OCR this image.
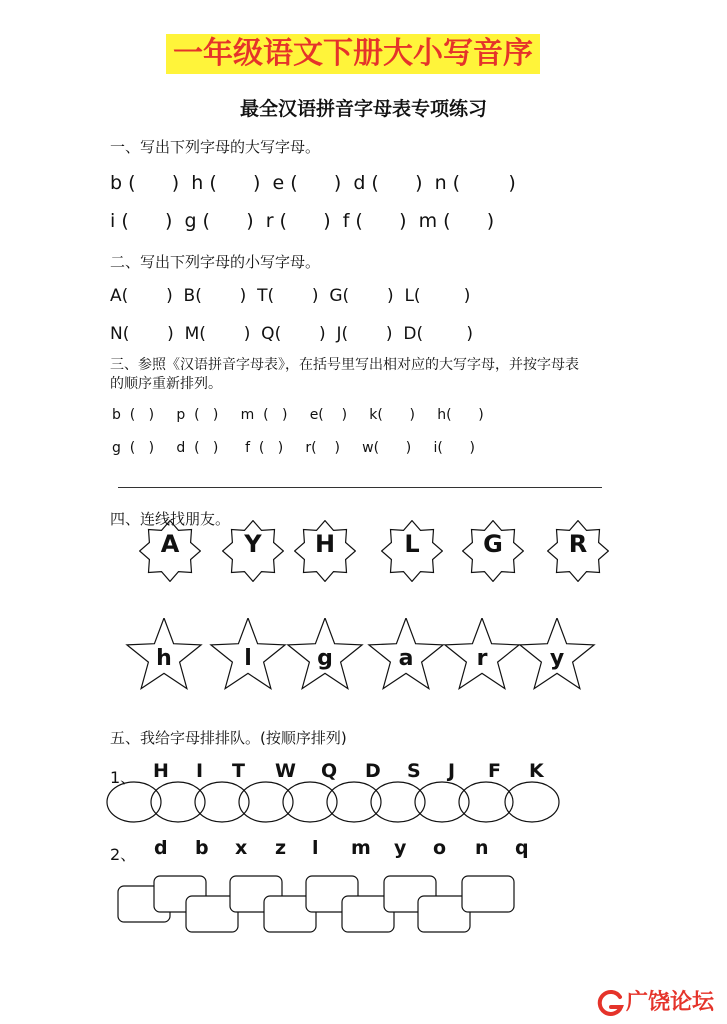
一年级语文下册大小写音序
最全汉语拼音字母表专项练习
一、写出下列字母的大写字母。
b (      )  h (      )  e (      )  d (      )  n (        )
i (      )  g (      )  r (      )  f (      )  m (      )
二、写出下列字母的小写字母。
A(       )  B(       )  T(       )  G(       )  L(        )
N(       )  M(       )  Q(       )  J(       )  D(        )
三、参照《汉语拼音字母表》，在括号里写出相对应的大写字母，并按字母表
的顺序重新排列。
b  (   )     p  (   )     m  (   )     e(    )     k(      )     h(      )
g  (   )     d  (   )      f  (   )     r(    )     w(      )     i(      )
四、连线找朋友。
A	Y	H	L	G	R
h	l	g	a	r	y
五、我给字母排排队。(按顺序排列)
1、 H I T W Q D S J F K
2、 d b x z l m y o n q
广饶论坛
